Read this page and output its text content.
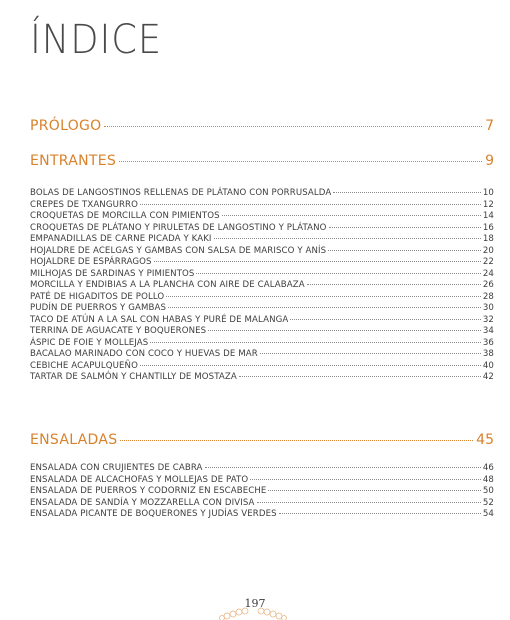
ÍNDICE
PRÓLOGO	7
ENTRANTES	9
BOLAS DE LANGOSTINOS RELLENAS DE PLÁTANO CON PORRUSALDA	10
CREPES DE TXANGURRO	12
CROQUETAS DE MORCILLA CON PIMIENTOS	14
CROQUETAS DE PLÁTANO Y PIRULETAS DE LANGOSTINO Y PLÁTANO	16
EMPANADILLAS DE CARNE PICADA Y KAKI	18
HOJALDRE DE ACELGAS Y GAMBAS CON SALSA DE MARISCO Y ANÍS	20
HOJALDRE DE ESPÁRRAGOS	22
MILHOJAS DE SARDINAS Y PIMIENTOS	24
MORCILLA Y ENDIBIAS A LA PLANCHA CON AIRE DE CALABAZA	26
PATÉ DE HIGADITOS DE POLLO	28
PUDÍN DE PUERROS Y GAMBAS	30
TACO DE ATÚN A LA SAL CON HABAS Y PURÉ DE MALANGA	32
TERRINA DE AGUACATE Y BOQUERONES	34
ÁSPIC DE FOIE Y MOLLEJAS	36
BACALAO MARINADO CON COCO Y HUEVAS DE MAR	38
CEBICHE ACAPULQUEÑO	40
TARTAR DE SALMÓN Y CHANTILLY DE MOSTAZA	42
ENSALADAS	45
ENSALADA CON CRUJIENTES DE CABRA	46
ENSALADA DE ALCACHOFAS Y MOLLEJAS DE PATO	48
ENSALADA DE PUERROS Y CODORNIZ EN ESCABECHE	50
ENSALADA DE SANDÍA Y MOZZARELLA CON DIVISA	52
ENSALADA PICANTE DE BOQUERONES Y JUDÍAS VERDES	54
197
